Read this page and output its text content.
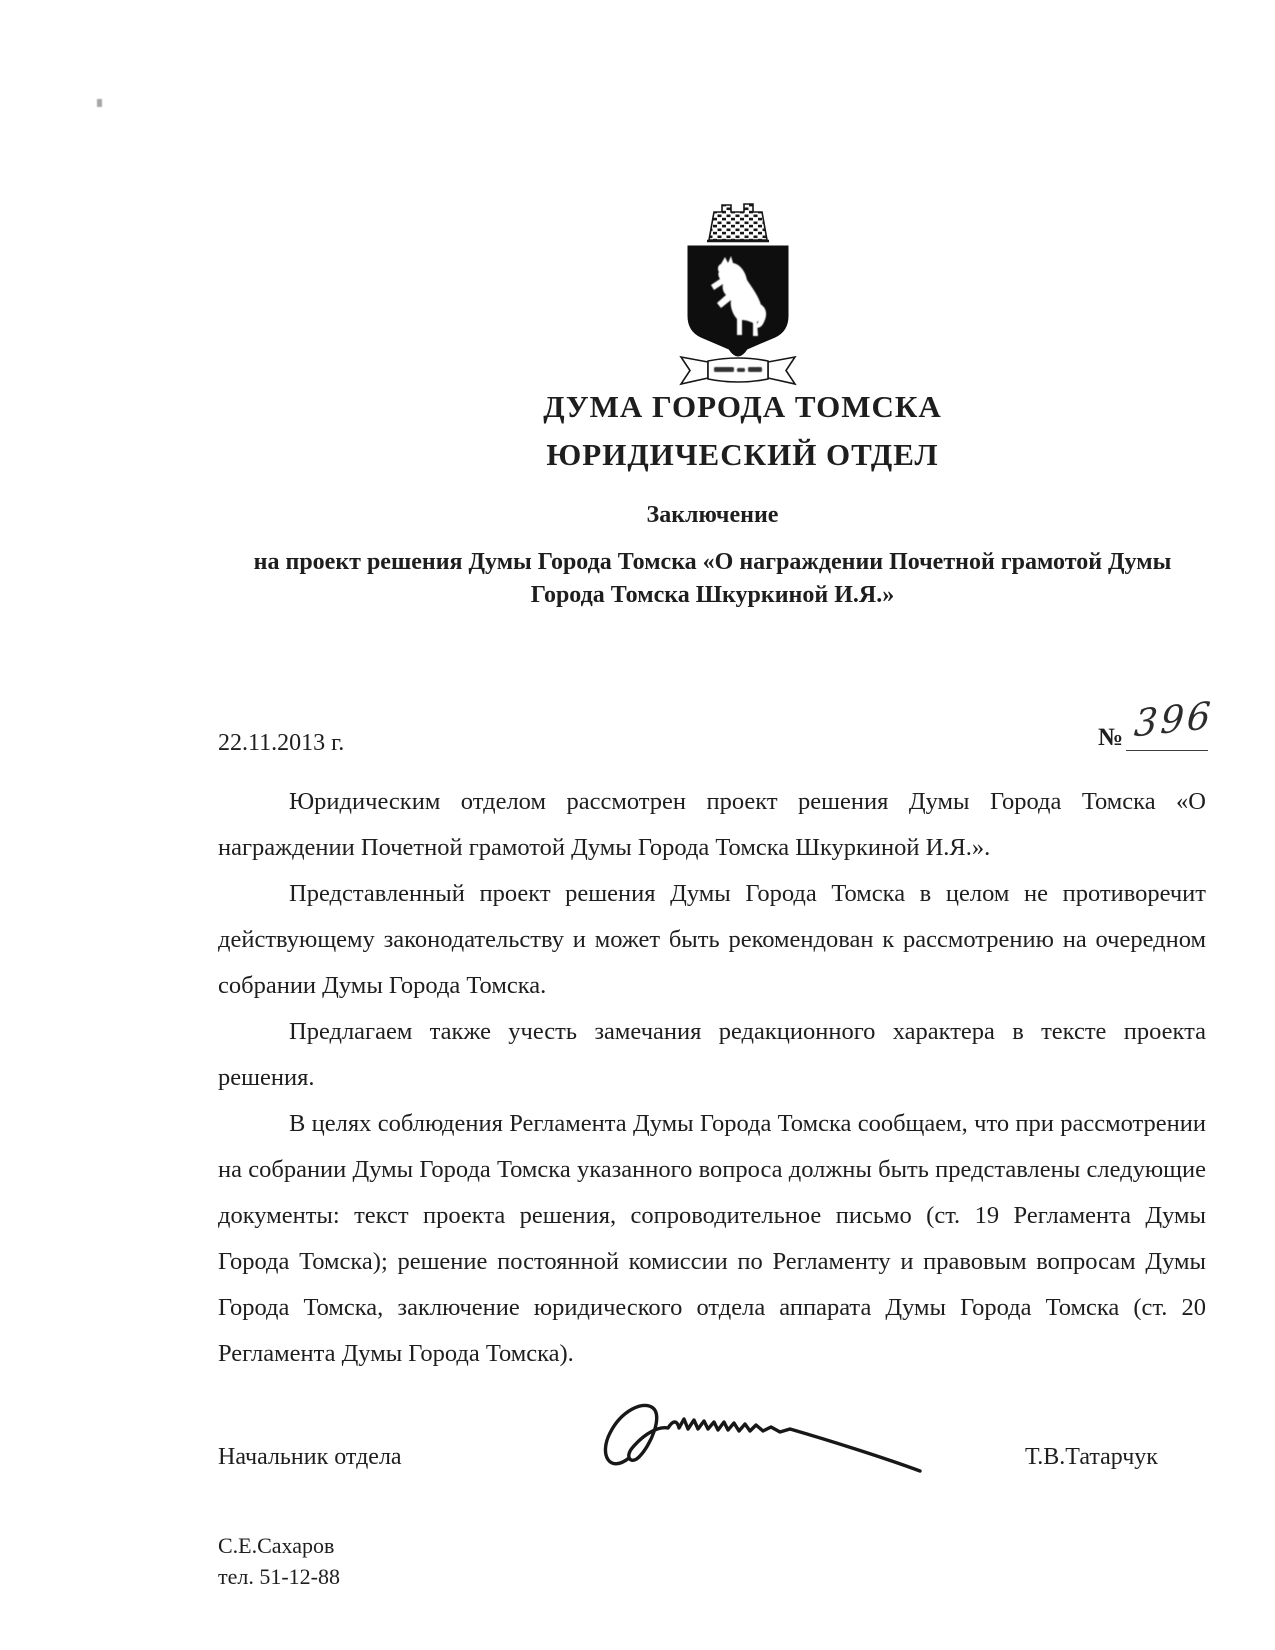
ДУМА ГОРОДА ТОМСКА
ЮРИДИЧЕСКИЙ ОТДЕЛ
Заключение
на проект решения Думы Города Томска «О награждении Почетной грамотой Думы
Города Томска Шкуркиной И.Я.»
22.11.2013 г.	№ 396

Юридическим отделом рассмотрен проект решения Думы Города Томска «О награждении Почетной грамотой Думы Города Томска Шкуркиной И.Я.».

Представленный проект решения Думы Города Томска в целом не противоречит действующему законодательству и может быть рекомендован к рассмотрению на очередном собрании Думы Города Томска.

Предлагаем также учесть замечания редакционного характера в тексте проекта решения.

В целях соблюдения Регламента Думы Города Томска сообщаем, что при рассмотрении на собрании Думы Города Томска указанного вопроса должны быть представлены следующие документы: текст проекта решения, сопроводительное письмо (ст. 19 Регламента Думы Города Томска); решение постоянной комиссии по Регламенту и правовым вопросам Думы Города Томска, заключение юридического отдела аппарата Думы Города Томска (ст. 20 Регламента Думы Города Томска).

Начальник отдела	Т.В.Татарчук
С.Е.Сахаров
тел. 51-12-88
